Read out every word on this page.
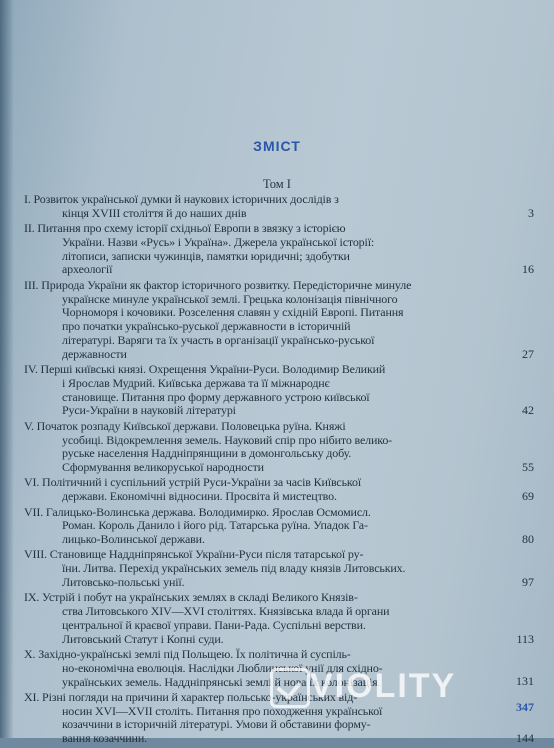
ЗМІСТ
Том І
I. Розвиток української думки й наукових історичних дослідів з
кінця XVIII століття й до наших днів	3
II. Питання про схему історії східньої Европи в звязку з історією
України. Назви «Русь» і Україна». Джерела української історії:
літописи, записки чужинців, памятки юридичні; здобутки
археології	16
III. Природа України як фактор історичного розвитку. Передісторичне минуле
українске минуле української землі. Грецька колонізація північного
Чорноморя і кочовики. Розселення славян у східній Европі. Питання
про початки українсько-руської державности в історичній
літературі. Варяги та їх участь в організації українсько-руської
державности	27
IV. Перші київські князі. Охрещення України-Руси. Володимир Великий
і Ярослав Мудрий. Київська держава та її міжнароднє
становище. Питання про форму державного устрою київської
Руси-України в науковій літературі	42
V. Початок розпаду Київської держави. Половецька руїна. Княжі
усобиці. Відокремлення земель. Науковий спір про нібито велико-
руське населення Наддніпрянщини в домонгольську добу.
Сформування великоруської народности	55
VI. Політичний і суспільний устрій Руси-України за часів Київської
держави. Економічні відносини. Просвіта й мистецтво.	69
VII. Галицько-Волинська держава. Володимирко. Ярослав Осмомисл.
Роман. Король Данило і його рід. Татарська руїна. Упадок Га-
лицько-Волинської держави.	80
VIII. Становище Наддніпрянської України-Руси після татарської ру-
їни. Литва. Перехід українських земель під владу князів Литовських.
Литовсько-польські унії.	97
IX. Устрій і побут на українських землях в складі Великого Князів-
ства Литовського XIV—XVI століттях. Князівська влада й органи
центральної й краєвої управи. Пани-Рада. Суспільні верстви.
Литовський Статут і Копні суди.	113
X. Західно-українські землі під Польщею. Їх політична й суспіль-
но-економічна еволюція. Наслідки Люблинської унії для східно-
українських земель. Наддніпрянські землі й нова їх колонізація.	131
XI. Різні погляди на причини й характер польсько-українських від-
носин XVI—XVII століть. Питання про походження української
козаччини в історичній літературі. Умови й обставини форму-
вання козаччини.	144
347
VIOLITY
